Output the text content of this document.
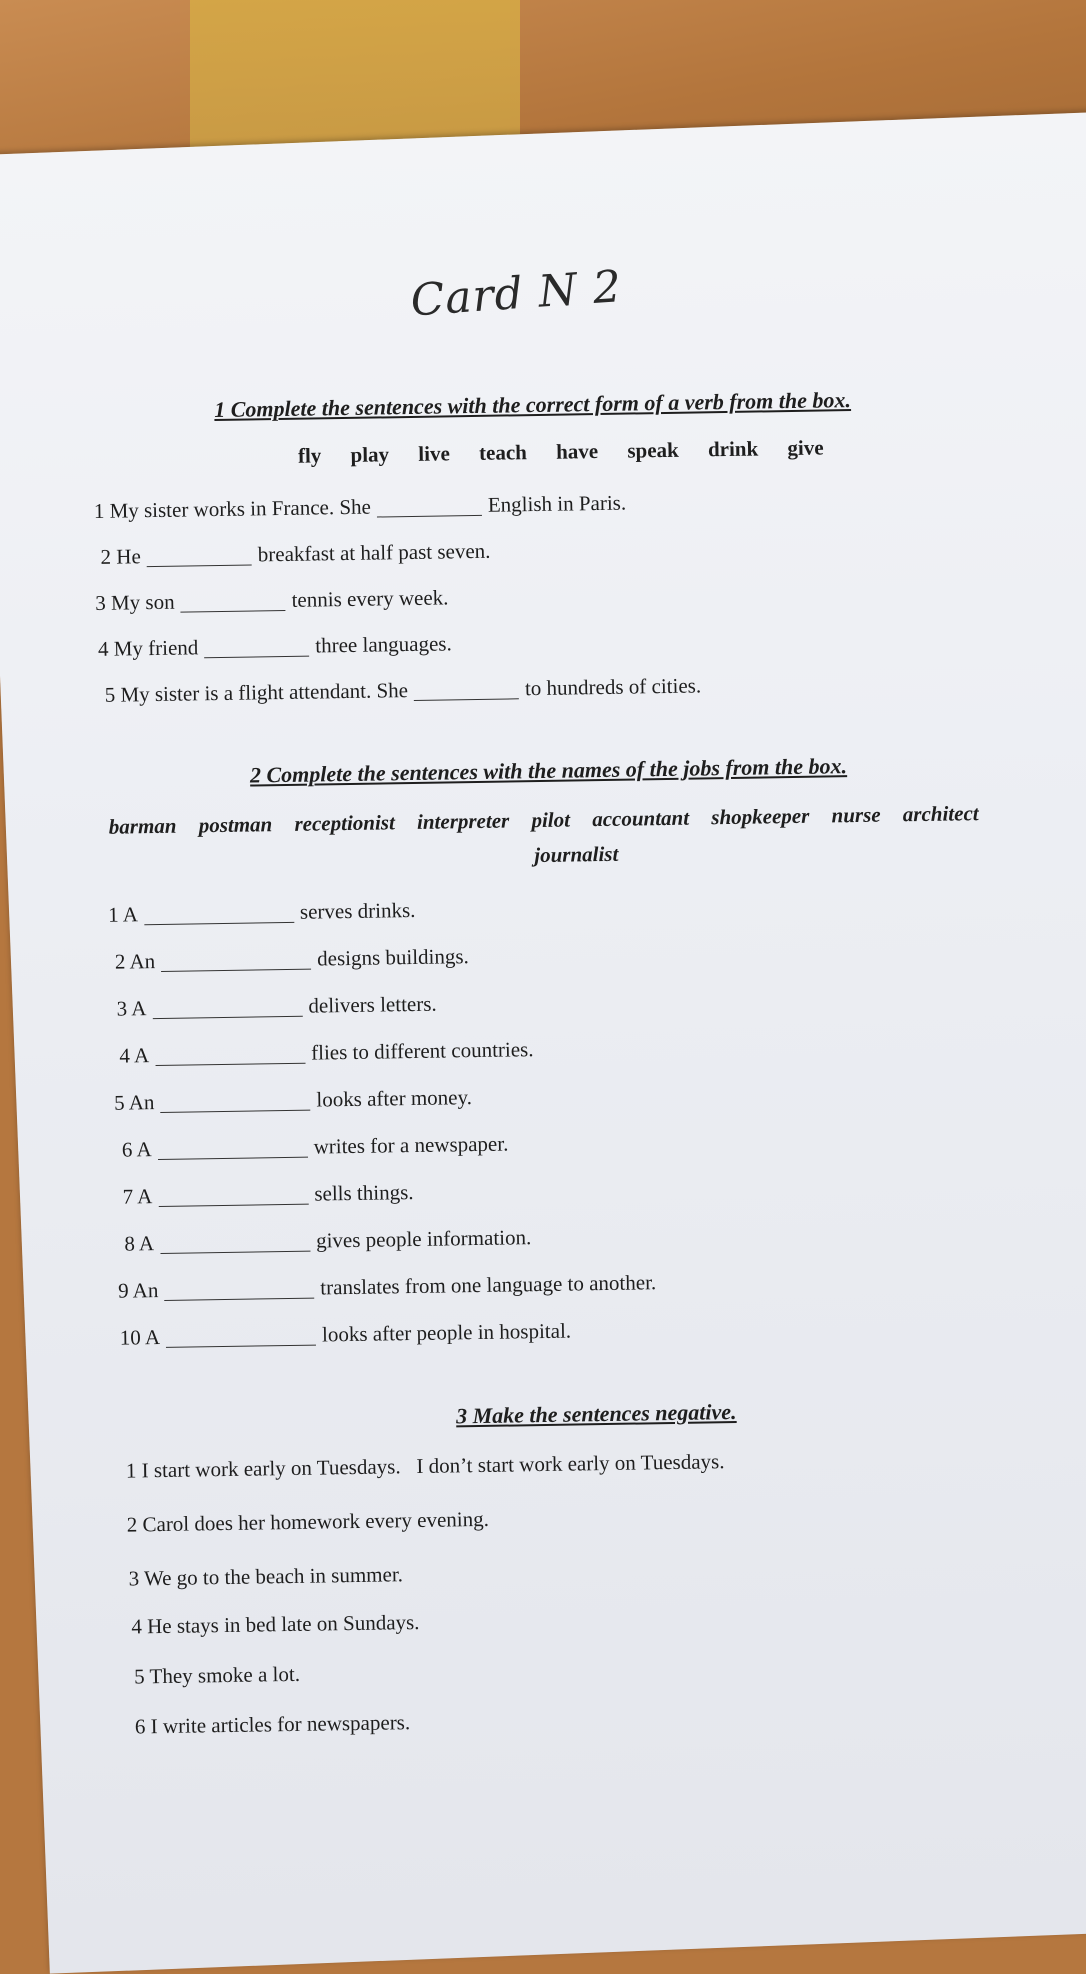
Card N 2
1 Complete the sentences with the correct form of a verb from the box.
fly play live teach have speak drink give
1 My sister works in France. She	English in Paris.
2 He	breakfast at half past seven.
3 My son	tennis every week.
4 My friend	three languages.
5 My sister is a flight attendant. She	to hundreds of cities.
2 Complete the sentences with the names of the jobs from the box.
barman postman receptionist interpreter pilot accountant shopkeeper nurse architect
journalist
1 A	serves drinks.
2 An	designs buildings.
3 A	delivers letters.
4 A	flies to different countries.
5 An	looks after money.
6 A	writes for a newspaper.
7 A	sells things.
8 A	gives people information.
9 An	translates from one language to another.
10 A	looks after people in hospital.
3 Make the sentences negative.
1 I start work early on Tuesdays.   I don’t start work early on Tuesdays.
2 Carol does her homework every evening.
3 We go to the beach in summer.
4 He stays in bed late on Sundays.
5 They smoke a lot.
6 I write articles for newspapers.
